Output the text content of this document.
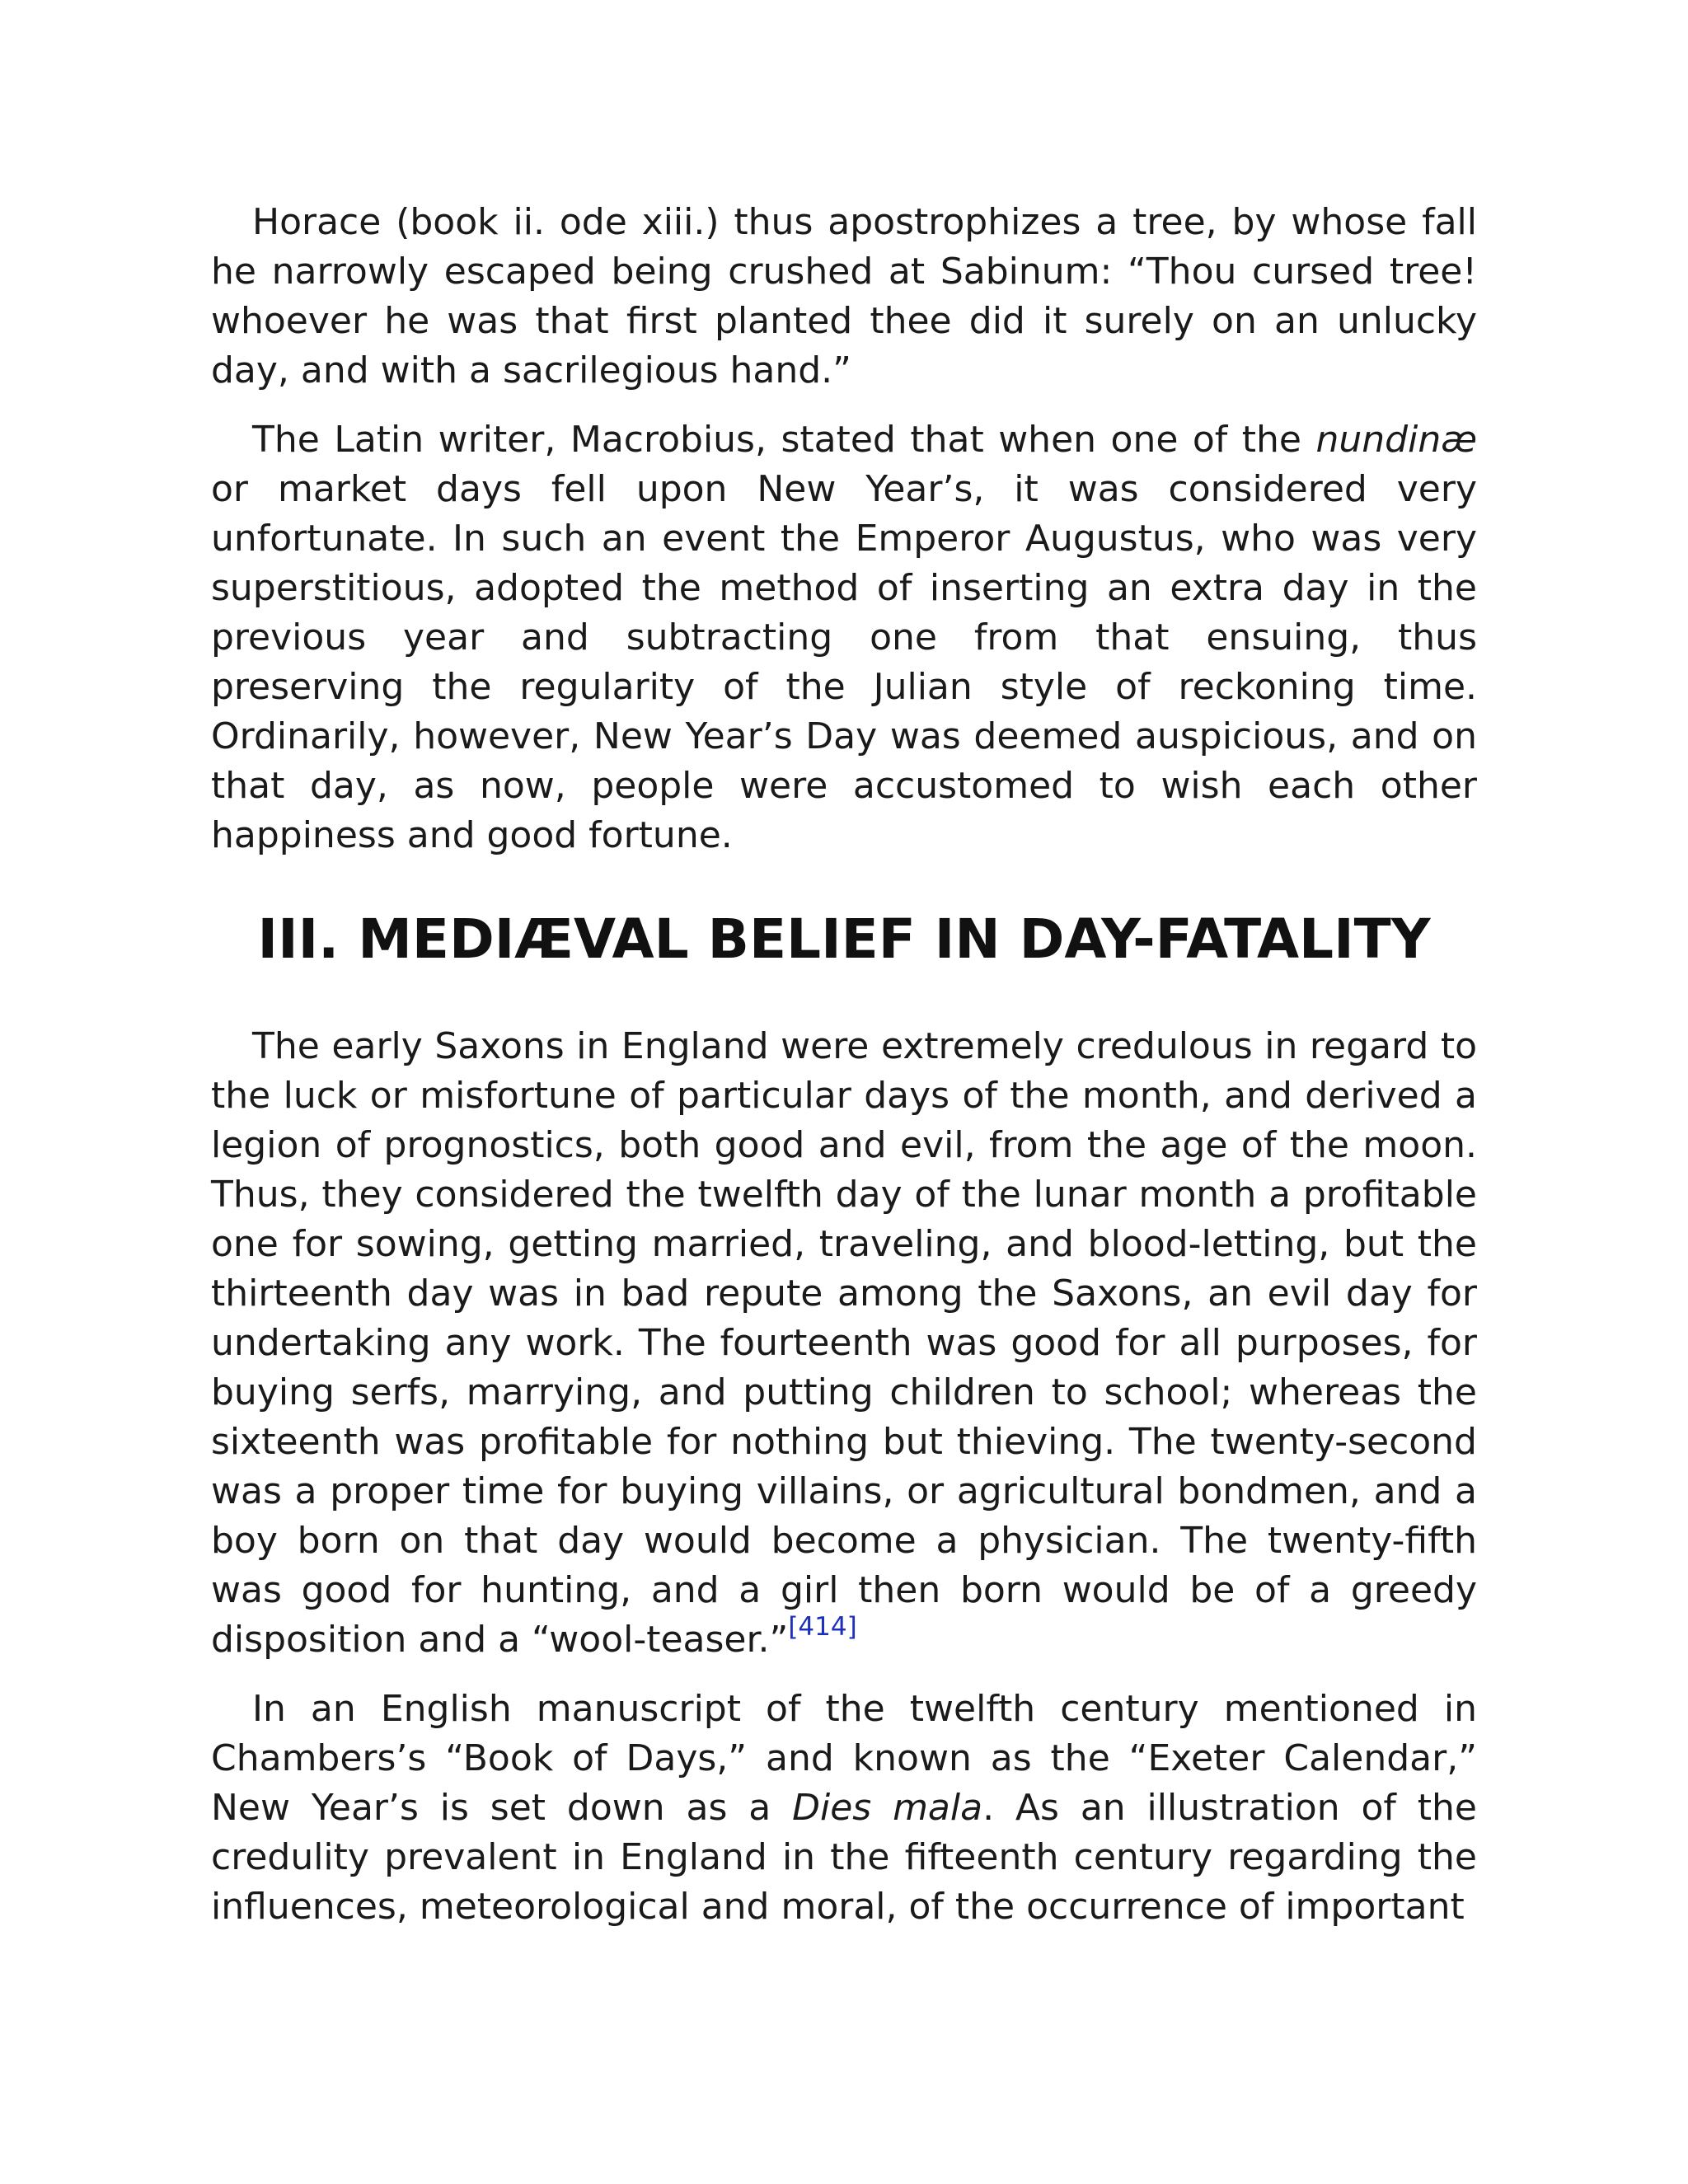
Horace (book ii. ode xiii.) thus apostrophizes a tree, by whose fall he narrowly escaped being crushed at Sabinum: “Thou cursed tree! whoever he was that first planted thee did it surely on an unlucky day, and with a sacrilegious hand.”

The Latin writer, Macrobius, stated that when one of the nundinæ or market days fell upon New Year’s, it was considered very unfortunate. In such an event the Emperor Augustus, who was very superstitious, adopted the method of inserting an extra day in the previous year and subtracting one from that ensuing, thus preserving the regularity of the Julian style of reckoning time. Ordinarily, however, New Year’s Day was deemed auspicious, and on that day, as now, people were accustomed to wish each other happiness and good fortune.

III. MEDIÆVAL BELIEF IN DAY-FATALITY

The early Saxons in England were extremely credulous in regard to the luck or misfortune of particular days of the month, and derived a legion of prognostics, both good and evil, from the age of the moon. Thus, they considered the twelfth day of the lunar month a profitable one for sowing, getting married, traveling, and blood-letting, but the thirteenth day was in bad repute among the Saxons, an evil day for undertaking any work. The fourteenth was good for all purposes, for buying serfs, marrying, and putting children to school; whereas the sixteenth was profitable for nothing but thieving. The twenty-second was a proper time for buying villains, or agricultural bondmen, and a boy born on that day would become a physician. The twenty-fifth was good for hunting, and a girl then born would be of a greedy disposition and a “wool-teaser.”[414]

In an English manuscript of the twelfth century mentioned in Chambers’s “Book of Days,” and known as the “Exeter Calendar,” New Year’s is set down as a Dies mala. As an illustration of the credulity prevalent in England in the fifteenth century regarding the influences, meteorological and moral, of the occurrence of important
